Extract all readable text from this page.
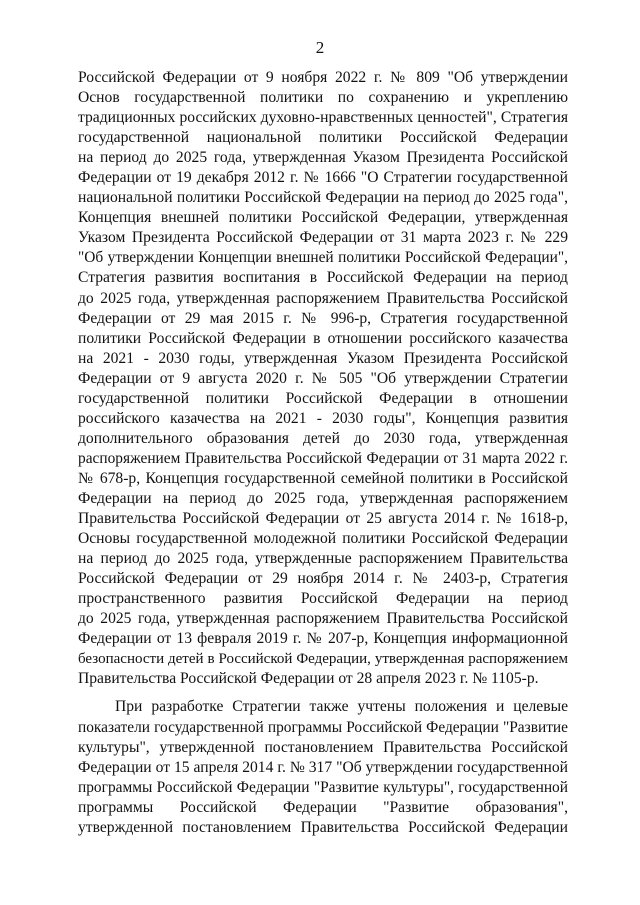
2
Российской Федерации от 9 ноября 2022 г. № 809 "Об утверждении
Основ государственной политики по сохранению и укреплению
традиционных российских духовно-нравственных ценностей", Стратегия
государственной национальной политики Российской Федерации
на период до 2025 года, утвержденная Указом Президента Российской
Федерации от 19 декабря 2012 г. № 1666 "О Стратегии государственной
национальной политики Российской Федерации на период до 2025 года",
Концепция внешней политики Российской Федерации, утвержденная
Указом Президента Российской Федерации от 31 марта 2023 г. № 229
"Об утверждении Концепции внешней политики Российской Федерации",
Стратегия развития воспитания в Российской Федерации на период
до 2025 года, утвержденная распоряжением Правительства Российской
Федерации от 29 мая 2015 г. № 996-р, Стратегия государственной
политики Российской Федерации в отношении российского казачества
на 2021 - 2030 годы, утвержденная Указом Президента Российской
Федерации от 9 августа 2020 г. № 505 "Об утверждении Стратегии
государственной политики Российской Федерации в отношении
российского казачества на 2021 - 2030 годы", Концепция развития
дополнительного образования детей до 2030 года, утвержденная
распоряжением Правительства Российской Федерации от 31 марта 2022 г.
№ 678-р, Концепция государственной семейной политики в Российской
Федерации на период до 2025 года, утвержденная распоряжением
Правительства Российской Федерации от 25 августа 2014 г. № 1618-р,
Основы государственной молодежной политики Российской Федерации
на период до 2025 года, утвержденные распоряжением Правительства
Российской Федерации от 29 ноября 2014 г. № 2403-р, Стратегия
пространственного развития Российской Федерации на период
до 2025 года, утвержденная распоряжением Правительства Российской
Федерации от 13 февраля 2019 г. № 207-р, Концепция информационной
безопасности детей в Российской Федерации, утвержденная распоряжением
Правительства Российской Федерации от 28 апреля 2023 г. № 1105-р.
При разработке Стратегии также учтены положения и целевые
показатели государственной программы Российской Федерации "Развитие
культуры", утвержденной постановлением Правительства Российской
Федерации от 15 апреля 2014 г. № 317 "Об утверждении государственной
программы Российской Федерации "Развитие культуры", государственной
программы Российской Федерации "Развитие образования",
утвержденной постановлением Правительства Российской Федерации
